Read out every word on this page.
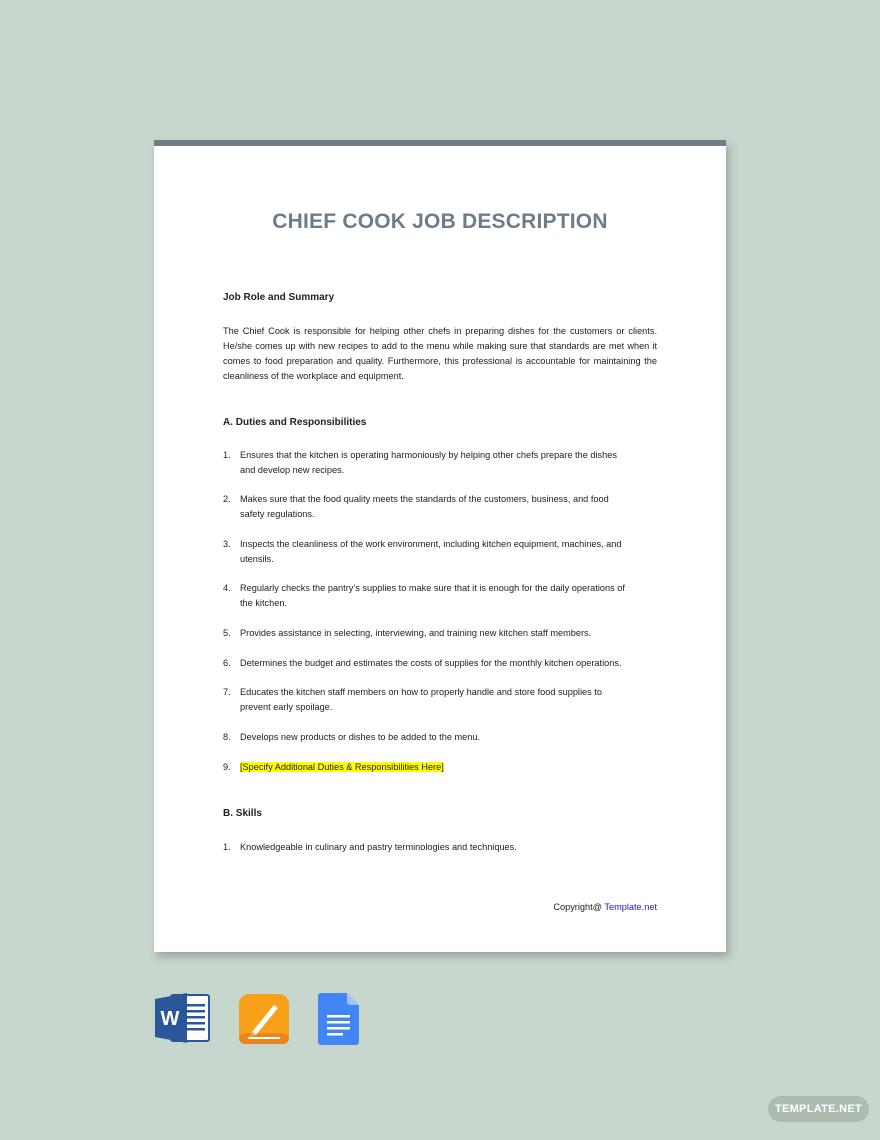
CHIEF COOK JOB DESCRIPTION
Job Role and Summary

The Chief Cook is responsible for helping other chefs in preparing dishes for the customers or clients. He/she comes up with new recipes to add to the menu while making sure that standards are met when it comes to food preparation and quality. Furthermore, this professional is accountable for maintaining the cleanliness of the workplace and equipment.

A. Duties and Responsibilities
1.	Ensures that the kitchen is operating harmoniously by helping other chefs prepare the dishes
and develop new recipes.
2.	Makes sure that the food quality meets the standards of the customers, business, and food
safety regulations.
3.	Inspects the cleanliness of the work environment, including kitchen equipment, machines, and
utensils.
4.	Regularly checks the pantry’s supplies to make sure that it is enough for the daily operations of
the kitchen.
5.	Provides assistance in selecting, interviewing, and training new kitchen staff members.
6.	Determines the budget and estimates the costs of supplies for the monthly kitchen operations.
7.	Educates the kitchen staff members on how to properly handle and store food supplies to
prevent early spoilage.
8.	Develops new products or dishes to be added to the menu.
9.	[Specify Additional Duties & Responsibilities Here]
B. Skills
1.	Knowledgeable in culinary and pastry terminologies and techniques.
Copyright@ Template.net
W
TEMPLATE.NET
